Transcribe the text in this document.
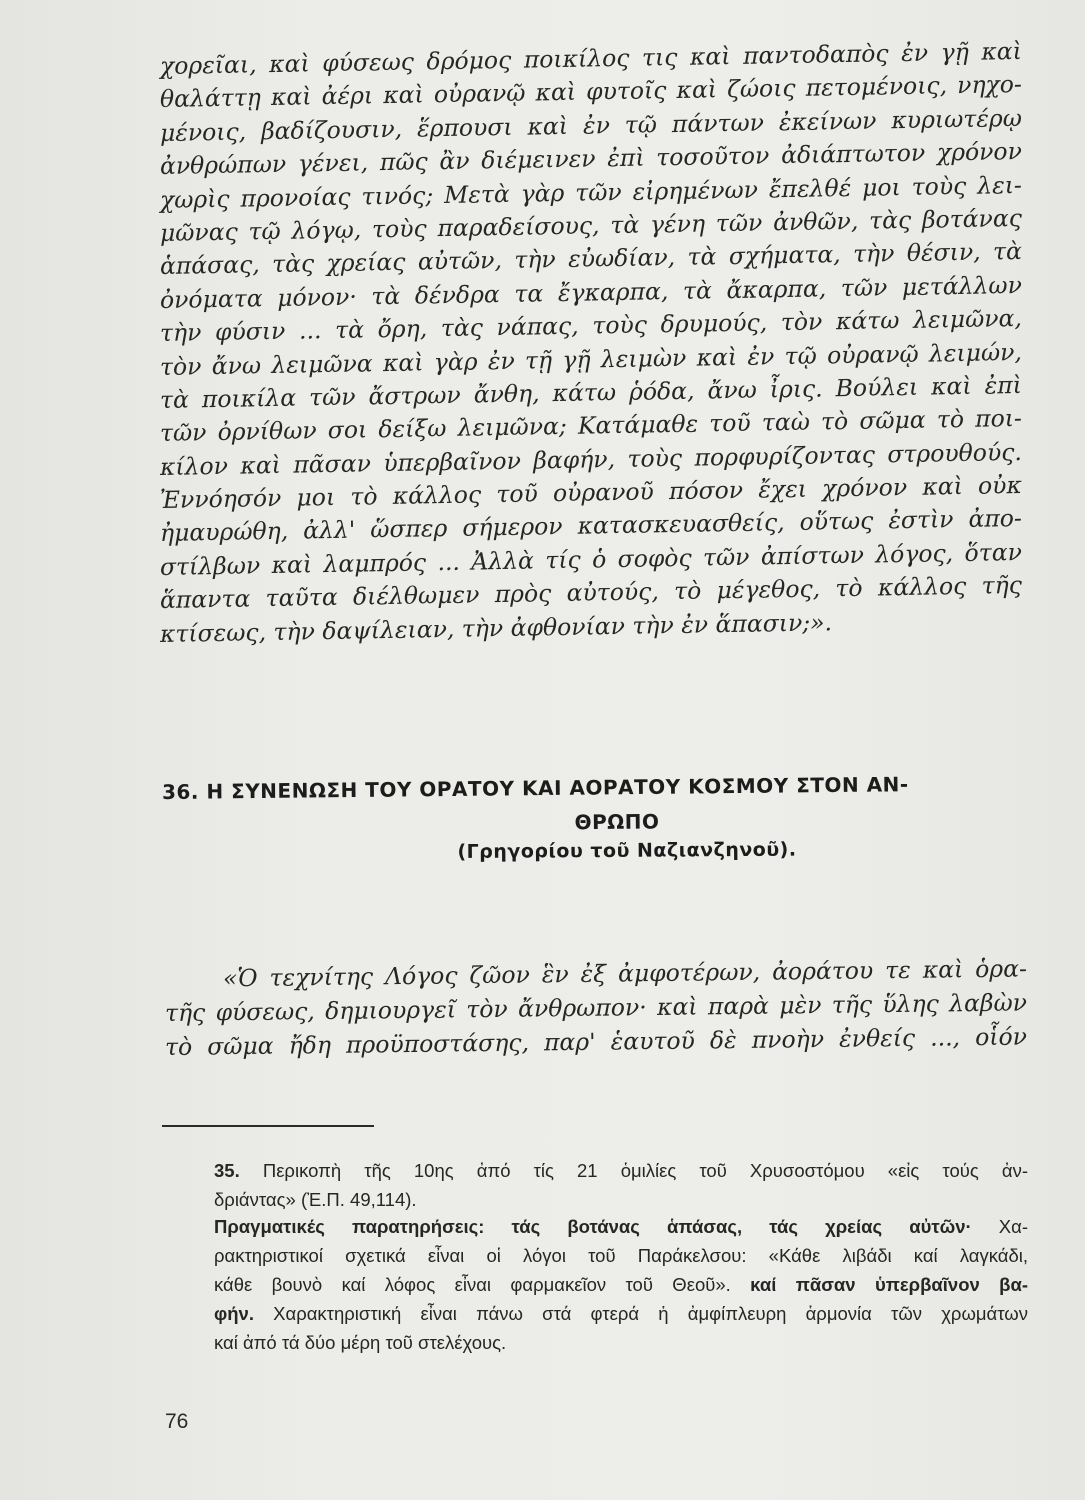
χορεῖαι, καὶ φύσεως δρόμος ποικίλος τις καὶ παντοδαπὸς ἐν γῇ καὶ
θαλάττῃ καὶ ἀέρι καὶ οὐρανῷ καὶ φυτοῖς καὶ ζώοις πετομένοις, νηχο-
μένοις, βαδίζουσιν, ἕρπουσι καὶ ἐν τῷ πάντων ἐκείνων κυριωτέρῳ
ἀνθρώπων γένει, πῶς ἂν διέμεινεν ἐπὶ τοσοῦτον ἀδιάπτωτον χρόνον
χωρὶς προνοίας τινός; Μετὰ γὰρ τῶν εἰρημένων ἔπελθέ μοι τοὺς λει-
μῶνας τῷ λόγῳ, τοὺς παραδείσους, τὰ γένη τῶν ἀνθῶν, τὰς βοτάνας
ἁπάσας, τὰς χρείας αὐτῶν, τὴν εὐωδίαν, τὰ σχήματα, τὴν θέσιν, τὰ
ὀνόματα μόνον· τὰ δένδρα τα ἔγκαρπα, τὰ ἄκαρπα, τῶν μετάλλων
τὴν φύσιν ... τὰ ὄρη, τὰς νάπας, τοὺς δρυμούς, τὸν κάτω λειμῶνα,
τὸν ἄνω λειμῶνα καὶ γὰρ ἐν τῇ γῇ λειμὼν καὶ ἐν τῷ οὐρανῷ λειμών,
τὰ ποικίλα τῶν ἄστρων ἄνθη, κάτω ῥόδα, ἄνω ἶρις. Βούλει καὶ ἐπὶ
τῶν ὀρνίθων σοι δείξω λειμῶνα; Κατάμαθε τοῦ ταὼ τὸ σῶμα τὸ ποι-
κίλον καὶ πᾶσαν ὑπερβαῖνον βαφήν, τοὺς πορφυρίζοντας στρουθούς.
Ἐννόησόν μοι τὸ κάλλος τοῦ οὐρανοῦ πόσον ἔχει χρόνον καὶ οὐκ
ἠμαυρώθη, ἀλλ' ὥσπερ σήμερον κατασκευασθείς, οὕτως ἐστὶν ἀπο-
στίλβων καὶ λαμπρός ... Ἀλλὰ τίς ὁ σοφὸς τῶν ἀπίστων λόγος, ὅταν
ἅπαντα ταῦτα διέλθωμεν πρὸς αὐτούς, τὸ μέγεθος, τὸ κάλλος τῆς
κτίσεως, τὴν δαψίλειαν, τὴν ἀφθονίαν τὴν ἐν ἅπασιν;».
36. Η ΣΥΝΕΝΩΣΗ ΤΟΥ ΟΡΑΤΟΥ ΚΑΙ ΑΟΡΑΤΟΥ ΚΟΣΜΟΥ ΣΤΟΝ ΑΝ-
ΘΡΩΠΟ
(Γρηγορίου τοῦ Ναζιανζηνοῦ).
«Ὁ τεχνίτης Λόγος ζῶον ἓν ἐξ ἀμφοτέρων, ἀοράτου τε καὶ ὁρα-
τῆς φύσεως, δημιουργεῖ τὸν ἄνθρωπον· καὶ παρὰ μὲν τῆς ὕλης λαβὼν
τὸ σῶμα ἤδη προϋποστάσης, παρ' ἑαυτοῦ δὲ πνοὴν ἐνθείς ..., οἷόν
35. Περικοπὴ τῆς 10ης ἀπό τίς 21 ὁμιλίες τοῦ Χρυσοστόμου «εἰς τούς ἀν-
δριάντας» (Ἐ.Π. 49,114).
Πραγματικές παρατηρήσεις: τάς βοτάνας ἁπάσας, τάς χρείας αὐτῶν· Χα-
ρακτηριστικοί σχετικά εἶναι οἱ λόγοι τοῦ Παράκελσου: «Κάθε λιβάδι καί λαγκάδι,
κάθε βουνὸ καί λόφος εἶναι φαρμακεῖον τοῦ Θεοῦ». καί πᾶσαν ὑπερβαῖνον βα-
φήν. Χαρακτηριστική εἶναι πάνω στά φτερά ἡ ἀμφίπλευρη ἁρμονία τῶν χρωμάτων
καί ἀπό τά δύο μέρη τοῦ στελέχους.
76
